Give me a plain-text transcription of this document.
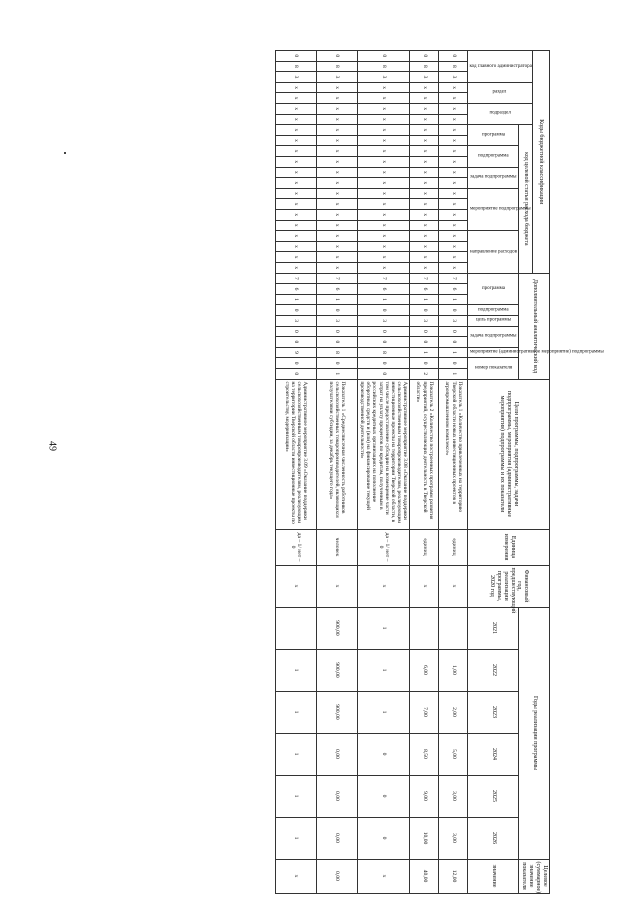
49
Коды бюджетной классификации																					Дополнительный аналитический код										Цели программы, подпрограммы, задачи подпрограммы, мероприятия (административные мероприятия) подпрограммы и их показатели	Единица измерения	Финансовый год, предшествующий реализации программы, 2020 год	Годы реализации программы						Целевое (суммарное) значение показателя
код главного администратора			раздел		подраздел		код целевой статьи расхода бюджета																																	
							программа		подпрограмма		задача подпрограммы		мероприятие подпрограммы				направление расходов				программа			подпрограмма	цель программы	задача подпрограммы		мероприятие (административное мероприятие) подпрограммы	номер показателя					2021	2022	2023	2024	2025	2026	значение
0	8	3	x	x	x	x	x	x	x	x	x	x	x	x	x	x	x	x	x	x	7	6	1	0	3	0	0	1	0	1	Показатель 1 «Количество привлеченных на территорию Тверской области новых инвестиционных проектов в агропромышленном комплексе»	единиц	x		1,00	2,00	5,00	3,00	3,00	12,00
0	8	3	x	x	x	x	x	x	x	x	x	x	x	x	x	x	x	x	x	x	7	6	1	0	3	0	0	1	0	2	Показатель 2 «Количество построенных программ развития предприятий, осуществляющих деятельность в Тверской области»	единиц	x		6,00	7,00	8,50	9,00	10,00	40,00
0	8	3	x	x	x	x	x	x	x	x	x	x	x	x	x	x	x	x	x	x	7	6	1	0	3	0	0	8	0	0	Административное мероприятие 3.08 «Оказание поддержки сельскохозяйственным товаропроизводителям, реализующим инвестиционные проекты на территории Тверской области, в том числе предоставление субсидии на возмещение части затрат на уплату процентов по кредитам, полученным в российских кредитных организациях на пополнение оборотных средств и (или) на финансирование текущей производственной деятельности»	да – 1/ нет – 0	x	1	1	1	0	0	0	x
0	8	3	x	x	x	x	x	x	x	x	x	x	x	x	x	x	x	x	x	x	7	6	1	0	3	0	0	8	0	1	Показатель 1 «Среднесписочная численность работников сельскохозяйственных товаропроизводителей, являющихся получателями субсидии, за декабрь текущего года»	человек	x	900,00	900,00	900,00	0,00	0,00	0,00	0,00
0	8	3	x	x	x	x	x	x	x	x	x	x	x	x	x	x	x	x	x	x	7	6	1	0	3	0	0	9	0	0	Административное мероприятие 3.09 «Оказание поддержки сельскохозяйственным товаропроизводителям, реализующим на территории Тверской области инвестиционные проекты по строительству, модернизации»	да – 1/ нет – 0	x		1	1	1	1	1	x
